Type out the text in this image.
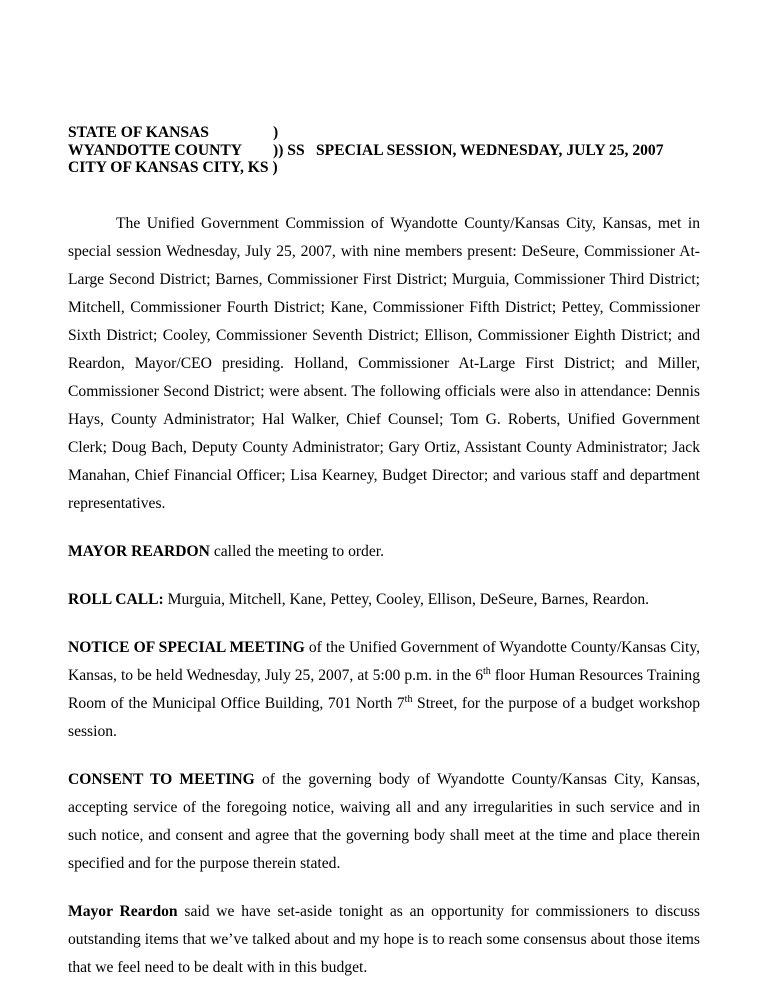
STATE OF KANSAS	)
WYANDOTTE COUNTY )) SS SPECIAL SESSION, WEDNESDAY, JULY 25, 2007
CITY OF KANSAS CITY, KS )

The Unified Government Commission of Wyandotte County/Kansas City, Kansas, met in special session Wednesday, July 25, 2007, with nine members present: DeSeure, Commissioner At-Large Second District; Barnes, Commissioner First District; Murguia, Commissioner Third District; Mitchell, Commissioner Fourth District; Kane, Commissioner Fifth District; Pettey, Commissioner Sixth District; Cooley, Commissioner Seventh District; Ellison, Commissioner Eighth District; and Reardon, Mayor/CEO presiding. Holland, Commissioner At-Large First District; and Miller, Commissioner Second District; were absent. The following officials were also in attendance: Dennis Hays, County Administrator; Hal Walker, Chief Counsel; Tom G. Roberts, Unified Government Clerk; Doug Bach, Deputy County Administrator; Gary Ortiz, Assistant County Administrator; Jack Manahan, Chief Financial Officer; Lisa Kearney, Budget Director; and various staff and department representatives.

MAYOR REARDON called the meeting to order.

ROLL CALL: Murguia, Mitchell, Kane, Pettey, Cooley, Ellison, DeSeure, Barnes, Reardon.

NOTICE OF SPECIAL MEETING of the Unified Government of Wyandotte County/Kansas City, Kansas, to be held Wednesday, July 25, 2007, at 5:00 p.m. in the 6th floor Human Resources Training Room of the Municipal Office Building, 701 North 7th Street, for the purpose of a budget workshop session.

CONSENT TO MEETING of the governing body of Wyandotte County/Kansas City, Kansas, accepting service of the foregoing notice, waiving all and any irregularities in such service and in such notice, and consent and agree that the governing body shall meet at the time and place therein specified and for the purpose therein stated.

Mayor Reardon said we have set-aside tonight as an opportunity for commissioners to discuss outstanding items that we’ve talked about and my hope is to reach some consensus about those items that we feel need to be dealt with in this budget.
